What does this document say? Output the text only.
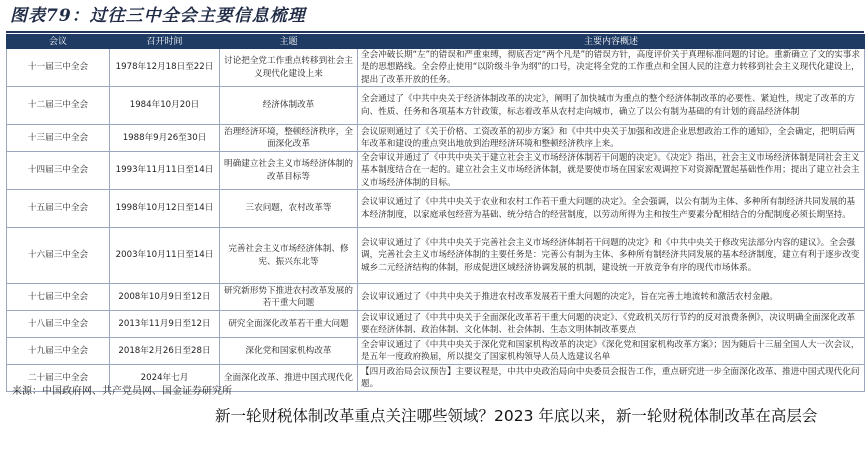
图表79：过往三中全会主要信息梳理
会议	召开时间	主题	主要内容概述
十一届三中全会	1978年12月18日至22日	讨论把全党工作重点转移到社会主义现代化建设上来	全会冲破长期“左”的错误和严重束缚，彻底否定“两个凡是”的错误方针，高度评价关于真理标准问题的讨论。重新确立了文的实事求是的思想路线。全会停止使用“以阶级斗争为纲”的口号，决定将全党的工作重点和全国人民的注意力转移到社会主义现代化建设上，提出了改革开放的任务。
十二届三中全会	1984年10月20日	经济体制改革	全会通过了《中共中央关于经济体制改革的决定》，阐明了加快城市为重点的整个经济体制改革的必要性、紧迫性，规定了改革的方向、性质、任务和各项基本方针政策，标志着改革从农村走向城市，确立了以公有制为基础的有计划的商品经济体制
十三届三中全会	1988年9月26至30日	治理经济环境，整顿经济秩序，全面深化改革	会议原则通过了《关于价格、工资改革的初步方案》和《中共中央关于加强和改进企业思想政治工作的通知》，全会确定，把明后两年改革和建设的重点突出地放到治理经济环境和整顿经济秩序上来。
十四届三中全会	1993年11月11日至14日	明确建立社会主义市场经济体制的改革目标等	全会审议并通过了《中共中央关于建立社会主义市场经济体制若干问题的决定》。《决定》指出，社会主义市场经济体制是同社会主义基本制度结合在一起的。建立社会主义市场经济体制，就是要使市场在国家宏观调控下对资源配置起基础性作用；提出了建立社会主义市场经济体制的目标。
十五届三中全会	1998年10月12日至14日	三农问题，农村改革等	会议审议通过了《中共中央关于农业和农村工作若干重大问题的决定》。全会强调，以公有制为主体、多种所有制经济共同发展的基本经济制度，以家庭承包经营为基础、统分结合的经营制度，以劳动所得为主和按生产要素分配相结合的分配制度必须长期坚持。
十六届三中全会	2003年10月11日至14日	完善社会主义市场经济体制、修宪、振兴东北等	会议审议通过了《中共中央关于完善社会主义市场经济体制若干问题的决定》和《中共中央关于修改宪法部分内容的建议》。全会强调，完善社会主义市场经济体制的主要任务是：完善公有制为主体、多种所有制经济共同发展的基本经济制度，建立有利于逐步改变城乡二元经济结构的体制，形成促进区域经济协调发展的机制，建设统一开放竞争有序的现代市场体系。
十七届三中全会	2008年10月9日至12日	研究新形势下推进农村改革发展的若干重大问题	会议审议通过了《中共中央关于推进农村改革发展若干重大问题的决定》，旨在完善土地流转和激活农村金融。
十八届三中全会	2013年11月9日至12日	研究全面深化改革若干重大问题	会议审议通过了《中共中央关于全面深化改革若干重大问题的决定》、《党政机关厉行节约的反对浪费条例》，决议明确全面深化改革要在经济体制、政治体制、文化体制、社会体制、生态文明体制改革要点
十九届三中全会	2018年2月26日至28日	深化党和国家机构改革	全会审议通过了《中共中央关于深化党和国家机构改革的决定》《深化党和国家机构改革方案》；因为随后十三届全国人大一次会议，是五年一度政府换届，所以提交了国家机构领导人员人选建议名单
二十届三中全会	2024年七月	全面深化改革、推进中国式现代化	【四月政治局会议预告】主要议程是，中共中央政治局向中央委员会报告工作，重点研究进一步全面深化改革、推进中国式现代化问题。
来源：中国政府网、共产党员网、国金证券研究所
新一轮财税体制改革重点关注哪些领域？2023 年底以来，新一轮财税体制改革在高层会
